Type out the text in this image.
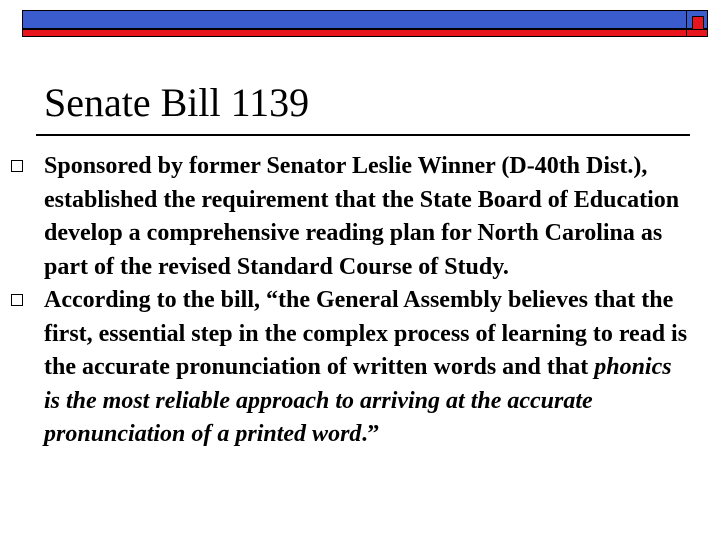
Senate Bill 1139
Sponsored by former Senator Leslie Winner (D-40th Dist.), established the requirement that the State Board of Education develop a comprehensive reading plan for North Carolina as part of the revised Standard Course of Study.
According to the bill, “the General Assembly believes that the first, essential step in the complex process of learning to read is the accurate pronunciation of written words and that phonics is the most reliable approach to arriving at the accurate pronunciation of a printed word.”
